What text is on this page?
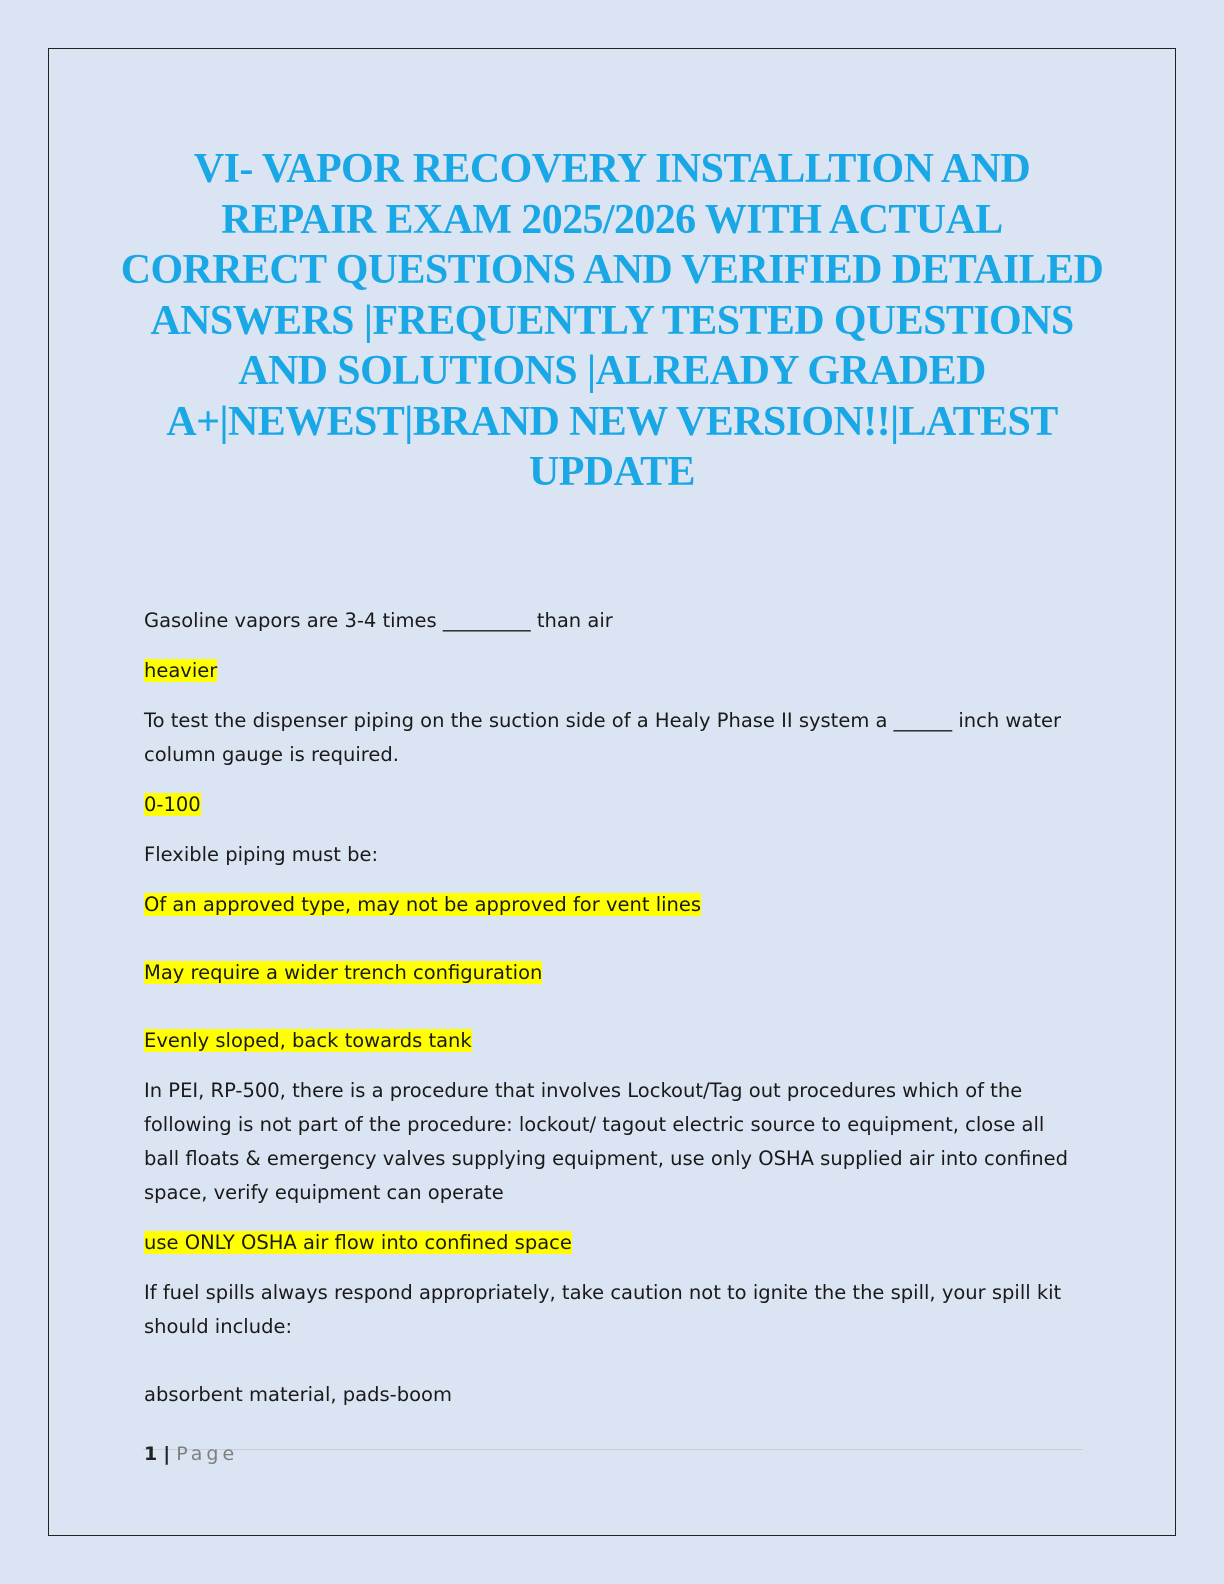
VI- VAPOR RECOVERY INSTALLTION AND REPAIR EXAM 2025/2026 WITH ACTUAL CORRECT QUESTIONS AND VERIFIED DETAILED ANSWERS |FREQUENTLY TESTED QUESTIONS AND SOLUTIONS |ALREADY GRADED A+|NEWEST|BRAND NEW VERSION!!|LATEST UPDATE

Gasoline vapors are 3-4 times _________ than air

heavier

To test the dispenser piping on the suction side of a Healy Phase II system a ______ inch water column gauge is required.

0-100

Flexible piping must be:

Of an approved type, may not be approved for vent lines

May require a wider trench configuration

Evenly sloped, back towards tank

In PEI, RP-500, there is a procedure that involves Lockout/Tag out procedures which of the following is not part of the procedure: lockout/ tagout electric source to equipment, close all ball floats & emergency valves supplying equipment, use only OSHA supplied air into confined space, verify equipment can operate

use ONLY OSHA air flow into confined space

If fuel spills always respond appropriately, take caution not to ignite the the spill, your spill kit should include:

absorbent material, pads-boom

1 | Page
